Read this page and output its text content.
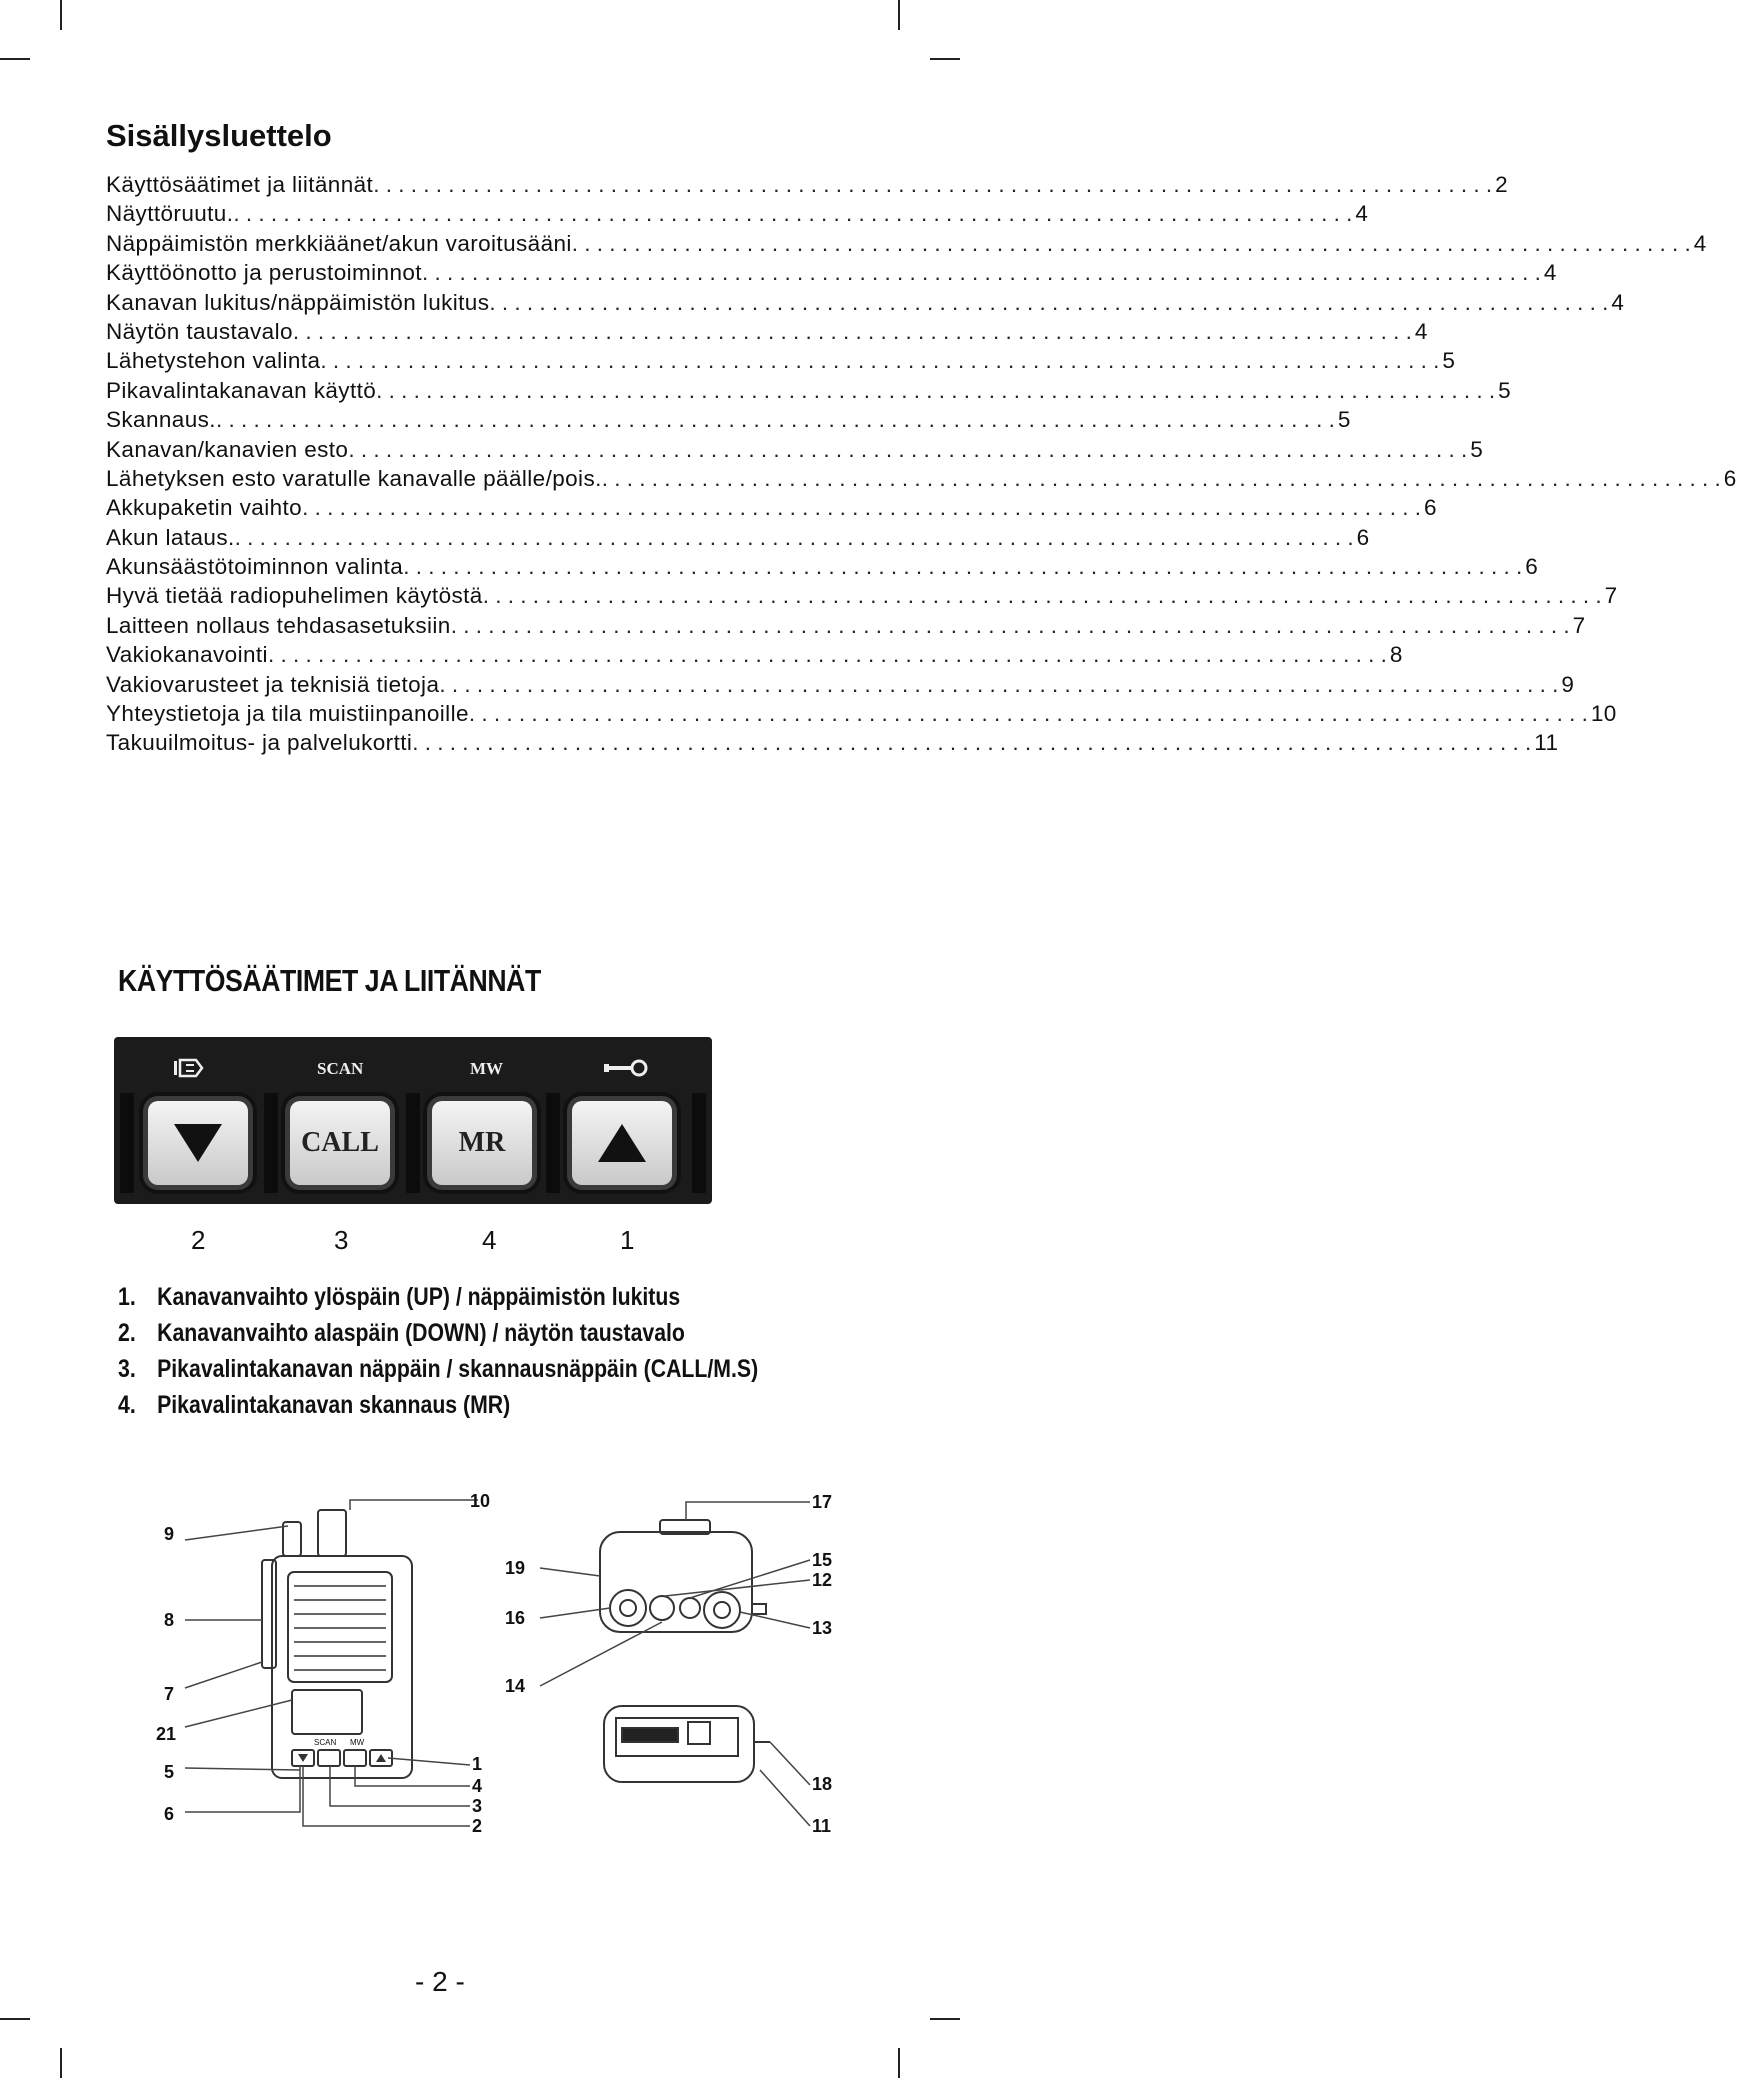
Sisällysluettelo
Käyttösäätimet ja liitännät . . .	2
Näyttöruutu. . . .	4
Näppäimistön merkkiäänet/akun varoitusääni . . .	4
Käyttöönotto ja perustoiminnot . . .	4
Kanavan lukitus/näppäimistön lukitus . . .	4
Näytön taustavalo . . .	4
Lähetystehon valinta . . .	5
Pikavalintakanavan käyttö . . .	5
Skannaus. . . .	5
Kanavan/kanavien esto . . .	5
Lähetyksen esto varatulle kanavalle päälle/pois. . . .	6
Akkupaketin vaihto . . .	6
Akun lataus. . . .	6
Akunsäästötoiminnon valinta . . .	6
Hyvä tietää radiopuhelimen käytöstä . . .	7
Laitteen nollaus tehdasasetuksiin . . .	7
Vakiokanavointi . . .	8
Vakiovarusteet ja teknisiä tietoja . . .	9
Yhteystietoja ja tila muistiinpanoille . . .	10
Takuuilmoitus- ja palvelukortti . . .	11
KÄYTTÖSÄÄTIMET JA LIITÄNNÄT
SCAN	MW
CALL	MR
2	3	4	1
1. Kanavanvaihto ylöspäin (UP) / näppäimistön lukitus
2. Kanavanvaihto alaspäin (DOWN) / näytön taustavalo
3. Pikavalintakanavan näppäin / skannausnäppäin (CALL/M.S)
4. Pikavalintakanavan skannaus (MR)
SCAN MW
10
9
8
7
21
5
6
1
4
3
2
17
19	15
12
16	13
14
18
11
- 2 -
